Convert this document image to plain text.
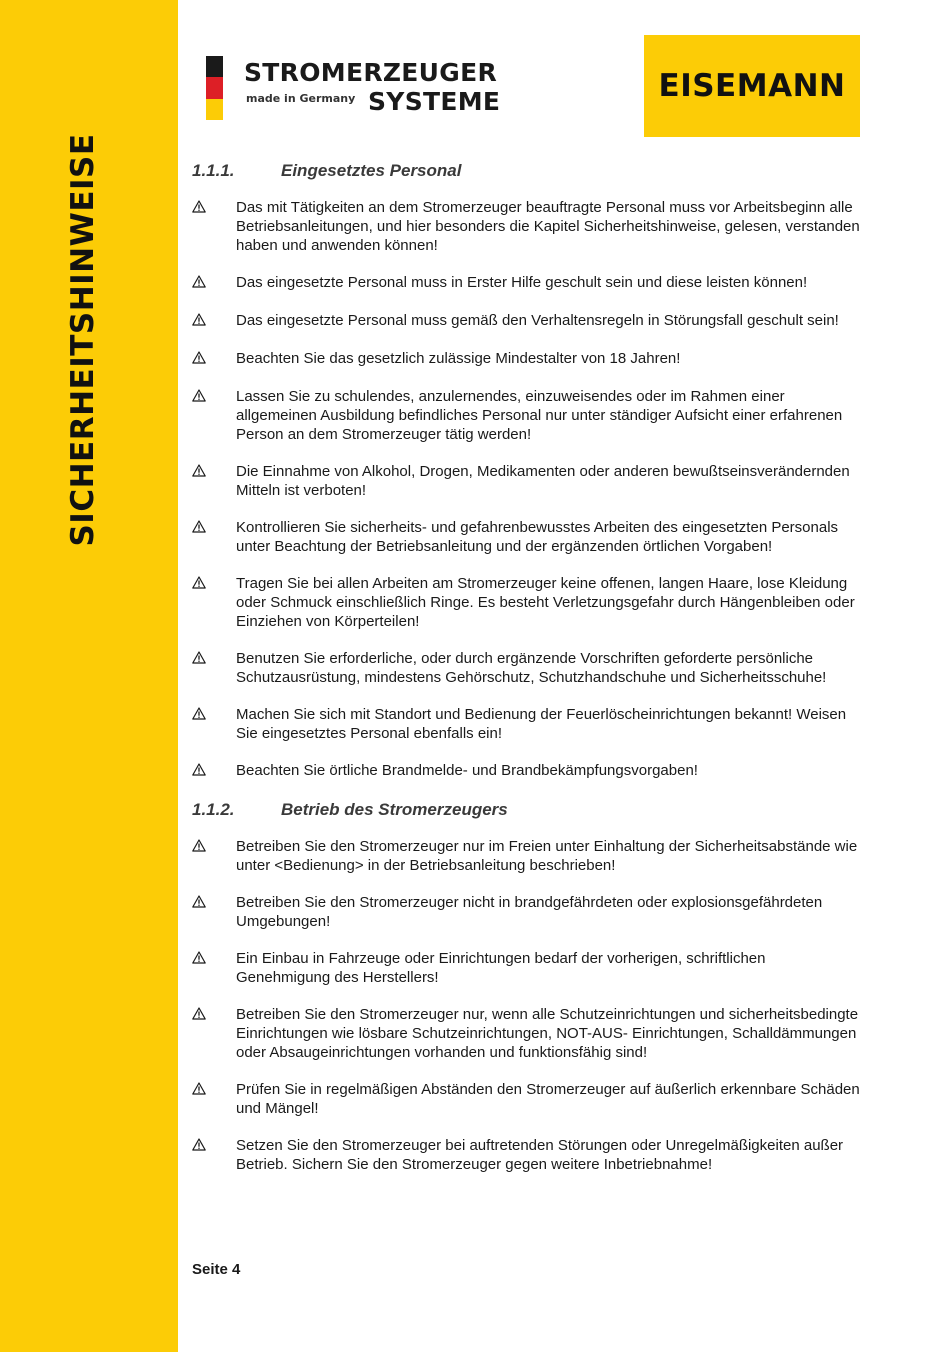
SICHERHEITSHINWEISE
STROMERZEUGER
made in Germany SYSTEME	EISEMANN
1.1.1.	Eingesetztes Personal
Das mit Tätigkeiten an dem Stromerzeuger beauftragte Personal muss vor Arbeitsbeginn alle Betriebsanleitungen, und hier besonders die Kapitel Sicherheitshinweise, gelesen, verstanden haben und anwenden können!
Das eingesetzte Personal muss in Erster Hilfe geschult sein und diese leisten können!
Das eingesetzte Personal muss gemäß den Verhaltensregeln in Störungsfall geschult sein!
Beachten Sie das gesetzlich zulässige Mindestalter von 18 Jahren!
Lassen Sie zu schulendes, anzulernendes, einzuweisendes oder im Rahmen einer allgemeinen Ausbildung befindliches Personal nur unter ständiger Aufsicht einer erfahrenen Person an dem Stromerzeuger tätig werden!
Die Einnahme von Alkohol, Drogen, Medikamenten oder anderen bewußtseinsverändernden Mitteln ist verboten!
Kontrollieren Sie sicherheits- und gefahrenbewusstes Arbeiten des eingesetzten Personals unter Beachtung der Betriebsanleitung und der ergänzenden örtlichen Vorgaben!
Tragen Sie bei allen Arbeiten am Stromerzeuger keine offenen, langen Haare, lose Kleidung oder Schmuck einschließlich Ringe. Es besteht Verletzungsgefahr durch Hängenbleiben oder Einziehen von Körperteilen!
Benutzen Sie erforderliche, oder durch ergänzende Vorschriften geforderte persönliche Schutzausrüstung, mindestens Gehörschutz, Schutzhandschuhe und Sicherheitsschuhe!
Machen Sie sich mit Standort und Bedienung der Feuerlöscheinrichtungen bekannt! Weisen Sie eingesetztes Personal ebenfalls ein!
Beachten Sie örtliche Brandmelde- und Brandbekämpfungsvorgaben!
1.1.2.	Betrieb des Stromerzeugers
Betreiben Sie den Stromerzeuger nur im Freien unter Einhaltung der Sicherheitsabstände wie unter <Bedienung> in der Betriebsanleitung beschrieben!
Betreiben Sie den Stromerzeuger nicht in brandgefährdeten oder explosionsgefährdeten Umgebungen!
Ein Einbau in Fahrzeuge oder Einrichtungen bedarf der vorherigen, schriftlichen Genehmigung des Herstellers!
Betreiben Sie den Stromerzeuger nur, wenn alle Schutzeinrichtungen und sicherheitsbedingte Einrichtungen wie lösbare Schutzeinrichtungen, NOT-AUS- Einrichtungen, Schalldämmungen oder Absaugeinrichtungen vorhanden und funktionsfähig sind!
Prüfen Sie in regelmäßigen Abständen den Stromerzeuger auf äußerlich erkennbare Schäden und Mängel!
Setzen Sie den Stromerzeuger bei auftretenden Störungen oder Unregelmäßigkeiten außer Betrieb. Sichern Sie den Stromerzeuger gegen weitere Inbetriebnahme!
Seite 4
